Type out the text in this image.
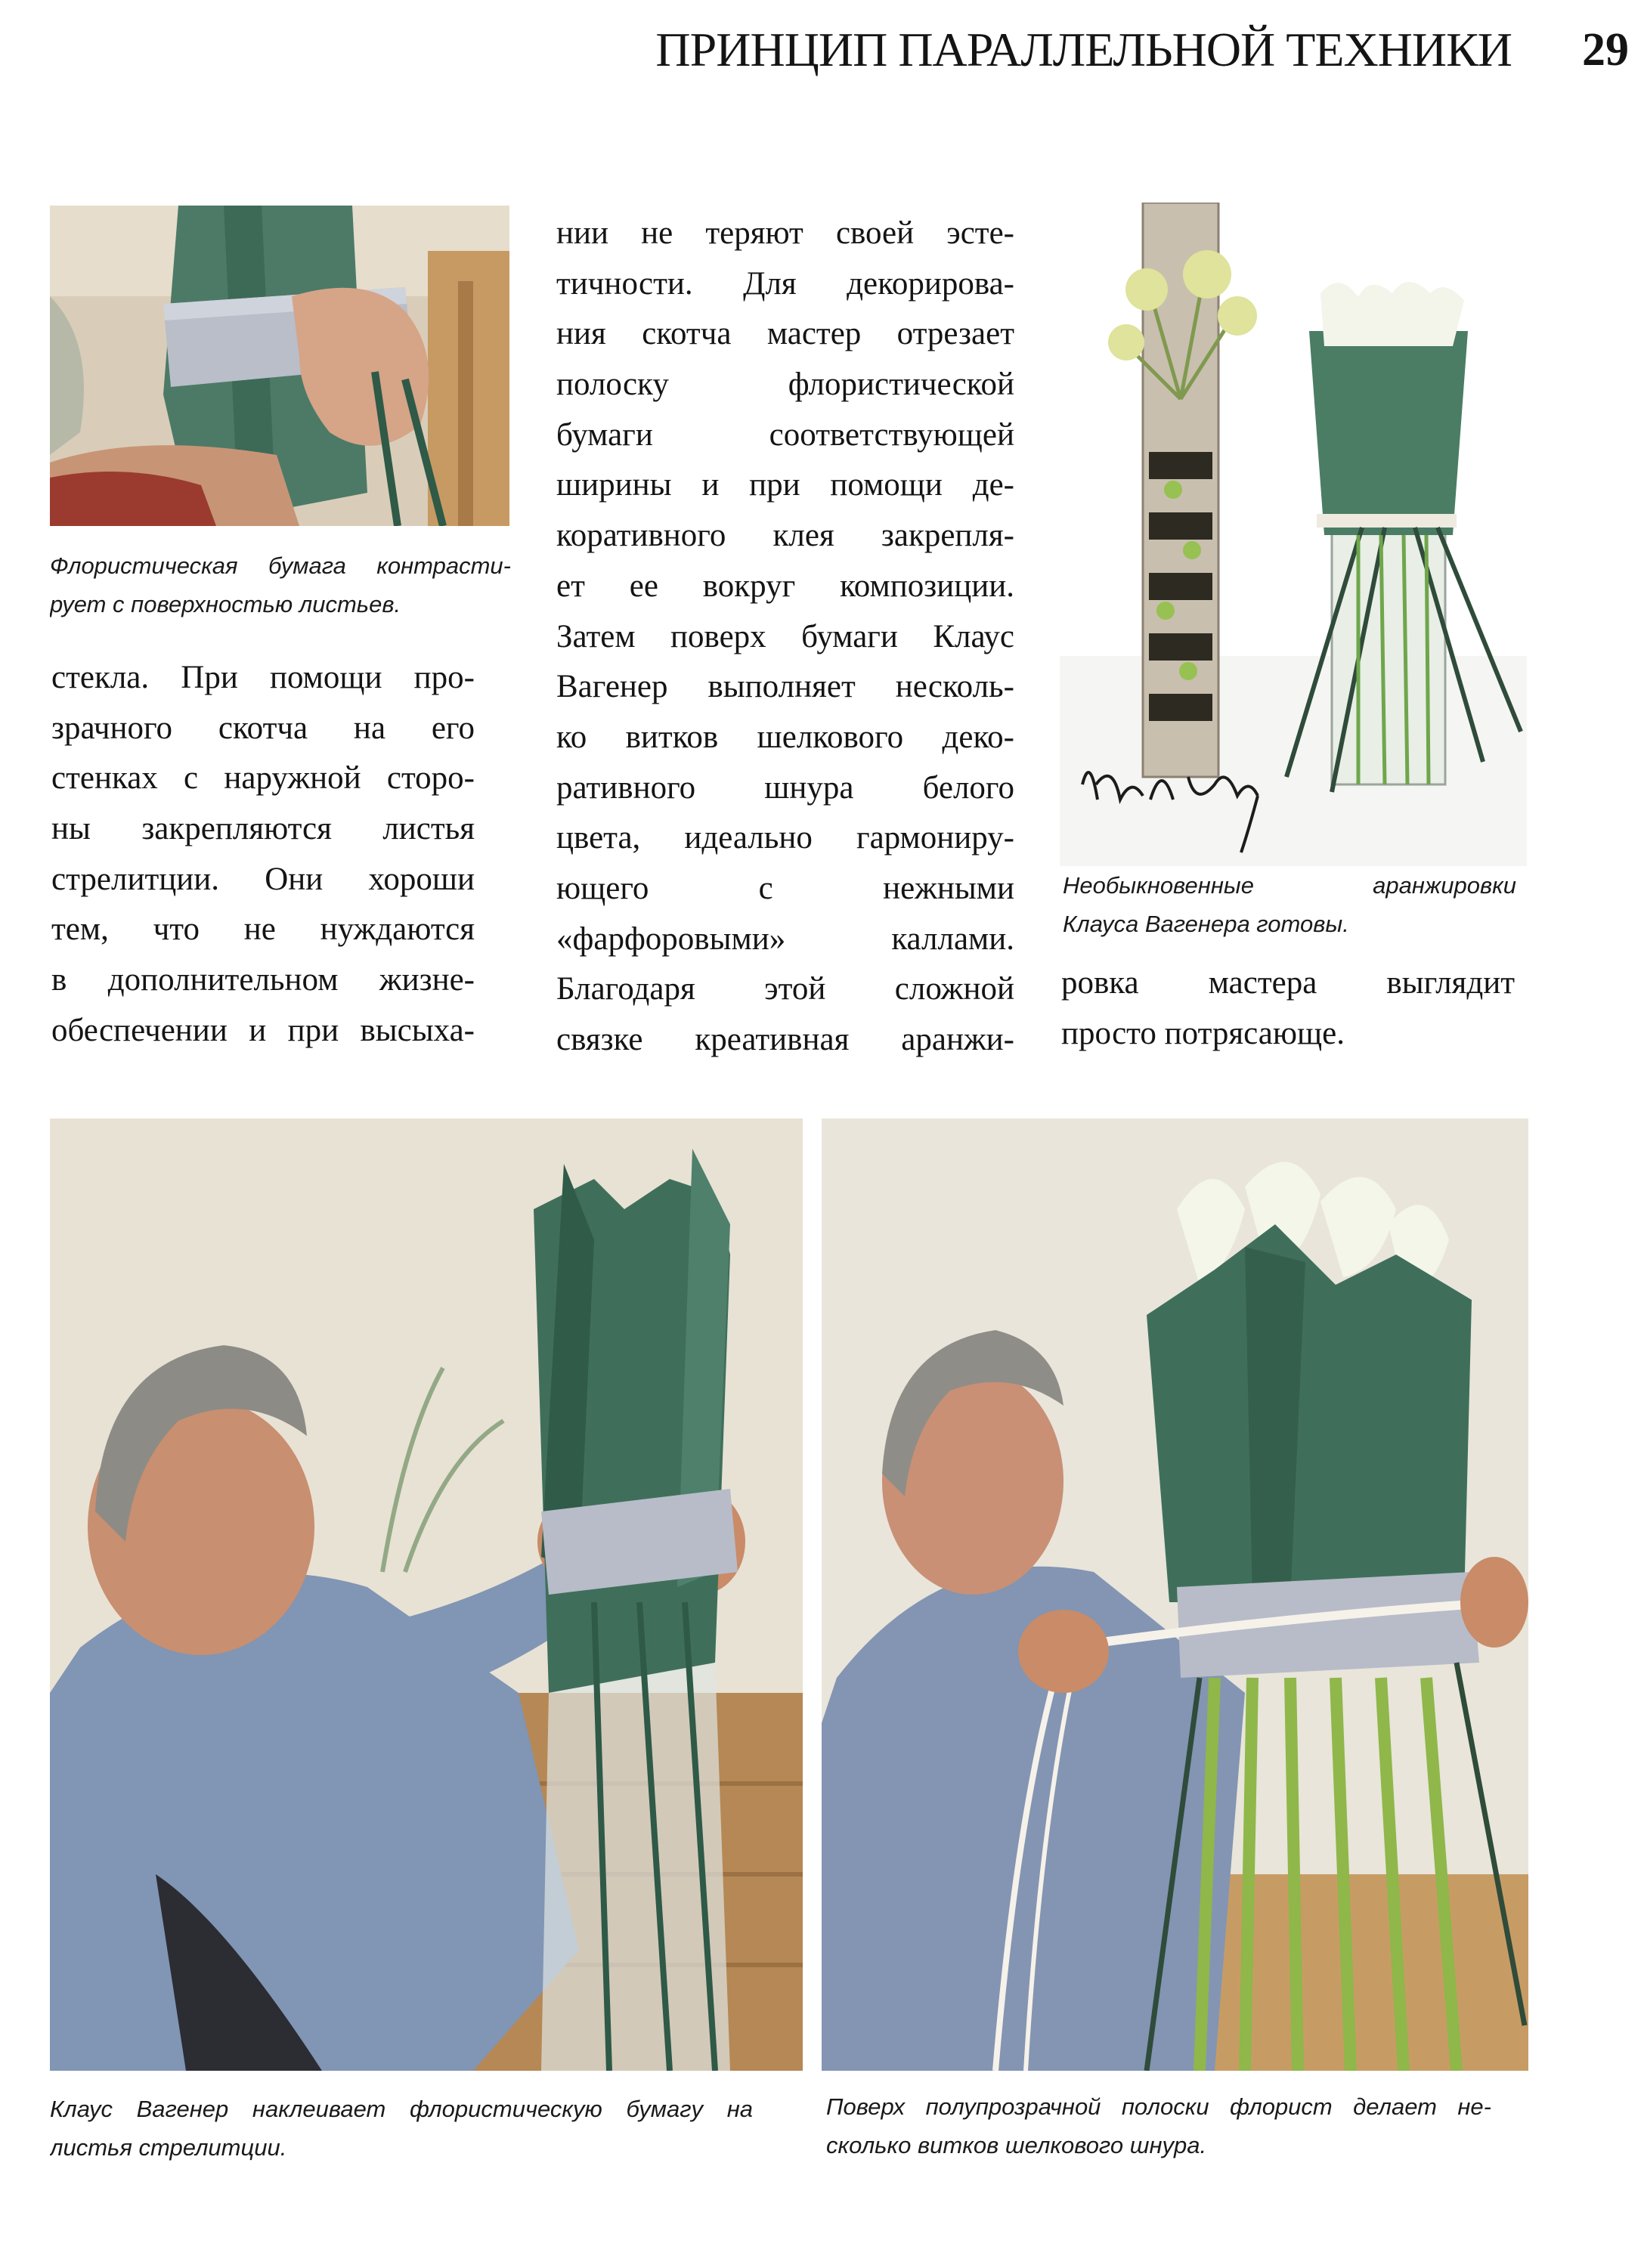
ПРИНЦИП ПАРАЛЛЕЛЬНОЙ ТЕХНИКИ	29

Флористическая бумага контрасти-
рует с поверхностью листьев.

стекла. При помощи про-
зрачного скотча на его
стенках с наружной сторо-
ны закрепляются листья
стрелитции. Они хороши
тем, что не нуждаются
в дополнительном жизне-
обеспечении и при высыха-

нии не теряют своей эсте-
тичности. Для декорирова-
ния скотча мастер отрезает
полоску флористической
бумаги соответствующей
ширины и при помощи де-
коративного клея закрепля-
ет ее вокруг композиции.
Затем поверх бумаги Клаус
Вагенер выполняет несколь-
ко витков шелкового деко-
ративного шнура белого
цвета, идеально гармониру-
ющего с нежными
«фарфоровыми» каллами.
Благодаря этой сложной
связке креативная аранжи-

Необыкновенные аранжировки
Клауса Вагенера готовы.

ровка мастера выглядит
просто потрясающе.

Клаус Вагенер наклеивает флористическую бумагу на
листья стрелитции.

Поверх полупрозрачной полоски флорист делает не-
сколько витков шелкового шнура.
